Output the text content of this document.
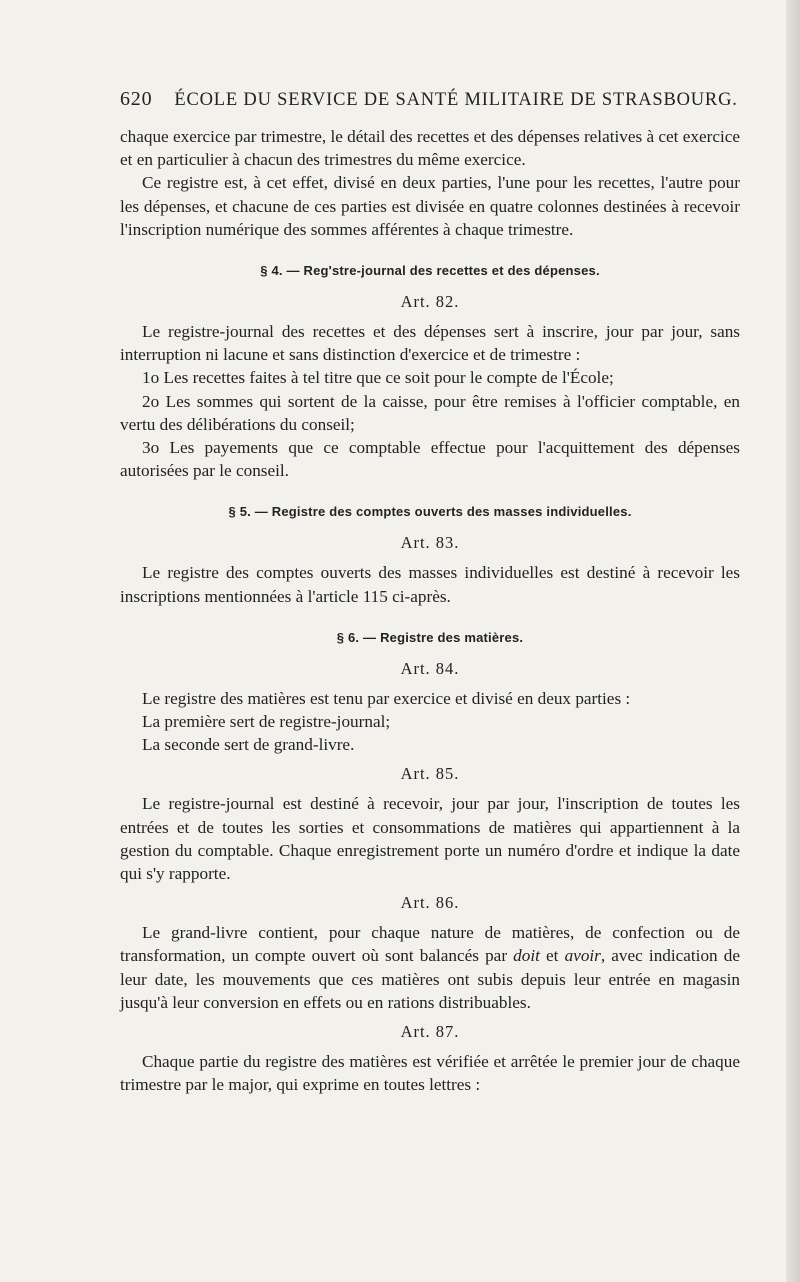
620 ÉCOLE DU SERVICE DE SANTÉ MILITAIRE DE STRASBOURG.

chaque exercice par trimestre, le détail des recettes et des dépenses relatives à cet exercice et en particulier à chacun des trimestres du même exercice.

Ce registre est, à cet effet, divisé en deux parties, l'une pour les recettes, l'autre pour les dépenses, et chacune de ces parties est divisée en quatre colonnes destinées à recevoir l'inscription numérique des sommes afférentes à chaque trimestre.

§ 4. — Reg'stre-journal des recettes et des dépenses.
Art. 82.

Le registre-journal des recettes et des dépenses sert à inscrire, jour par jour, sans interruption ni lacune et sans distinction d'exercice et de trimestre :

1o Les recettes faites à tel titre que ce soit pour le compte de l'École;

2o Les sommes qui sortent de la caisse, pour être remises à l'officier comptable, en vertu des délibérations du conseil;

3o Les payements que ce comptable effectue pour l'acquittement des dépenses autorisées par le conseil.

§ 5. — Registre des comptes ouverts des masses individuelles.
Art. 83.

Le registre des comptes ouverts des masses individuelles est destiné à recevoir les inscriptions mentionnées à l'article 115 ci-après.

§ 6. — Registre des matières.
Art. 84.

Le registre des matières est tenu par exercice et divisé en deux parties :

La première sert de registre-journal;

La seconde sert de grand-livre.

Art. 85.

Le registre-journal est destiné à recevoir, jour par jour, l'inscription de toutes les entrées et de toutes les sorties et consommations de matières qui appartiennent à la gestion du comptable. Chaque enregistrement porte un numéro d'ordre et indique la date qui s'y rapporte.

Art. 86.

Le grand-livre contient, pour chaque nature de matières, de confection ou de transformation, un compte ouvert où sont balancés par doit et avoir, avec indication de leur date, les mouvements que ces matières ont subis depuis leur entrée en magasin jusqu'à leur conversion en effets ou en rations distribuables.

Art. 87.

Chaque partie du registre des matières est vérifiée et arrêtée le premier jour de chaque trimestre par le major, qui exprime en toutes lettres :
